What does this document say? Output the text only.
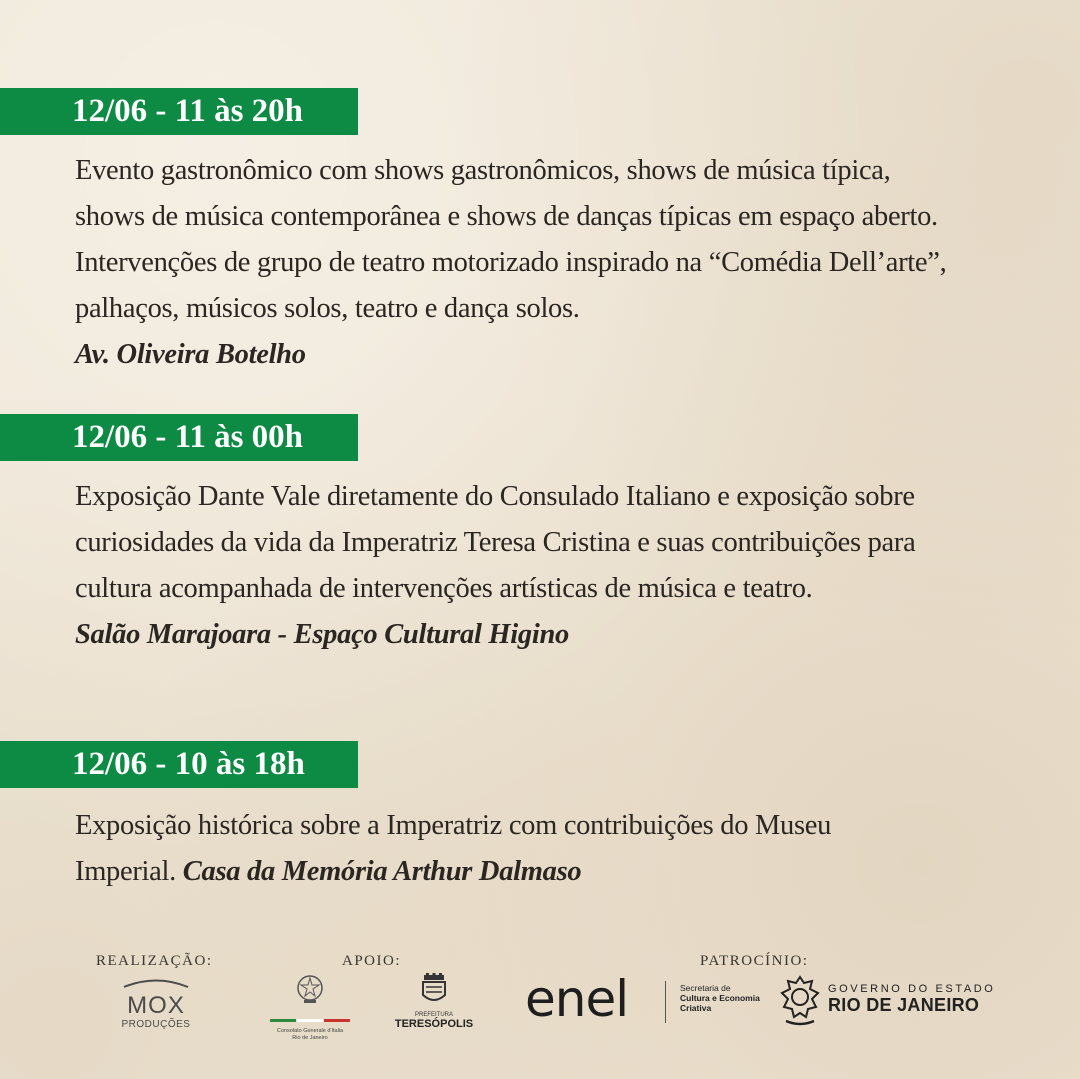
12/06 - 11 às 20h
Evento gastronômico com shows gastronômicos, shows de música típica, shows de música contemporânea e shows de danças típicas em espaço aberto. Intervenções de grupo de teatro motorizado inspirado na “Comédia Dell’arte”, palhaços, músicos solos, teatro e dança solos.
Av. Oliveira Botelho
12/06 - 11 às 00h
Exposição Dante Vale diretamente do Consulado Italiano e exposição sobre curiosidades da vida da Imperatriz Teresa Cristina e suas contribuições para cultura acompanhada de intervenções artísticas de música e teatro.
Salão Marajoara - Espaço Cultural Higino
12/06 - 10 às 18h
Exposição histórica sobre a Imperatriz com contribuições do Museu Imperial. Casa da Memória Arthur Dalmaso
REALIZAÇÃO:	APOIO:	PATROCÍNIO:
MOX
PRODUÇÕES

Consolato Generale d'Italia
Rio de Janeiro
PREFEITURA
TERESÓPOLIS enel	Secretaria de
Cultura e Economia
Criativa
GOVERNO DO ESTADO
RIO DE JANEIRO
